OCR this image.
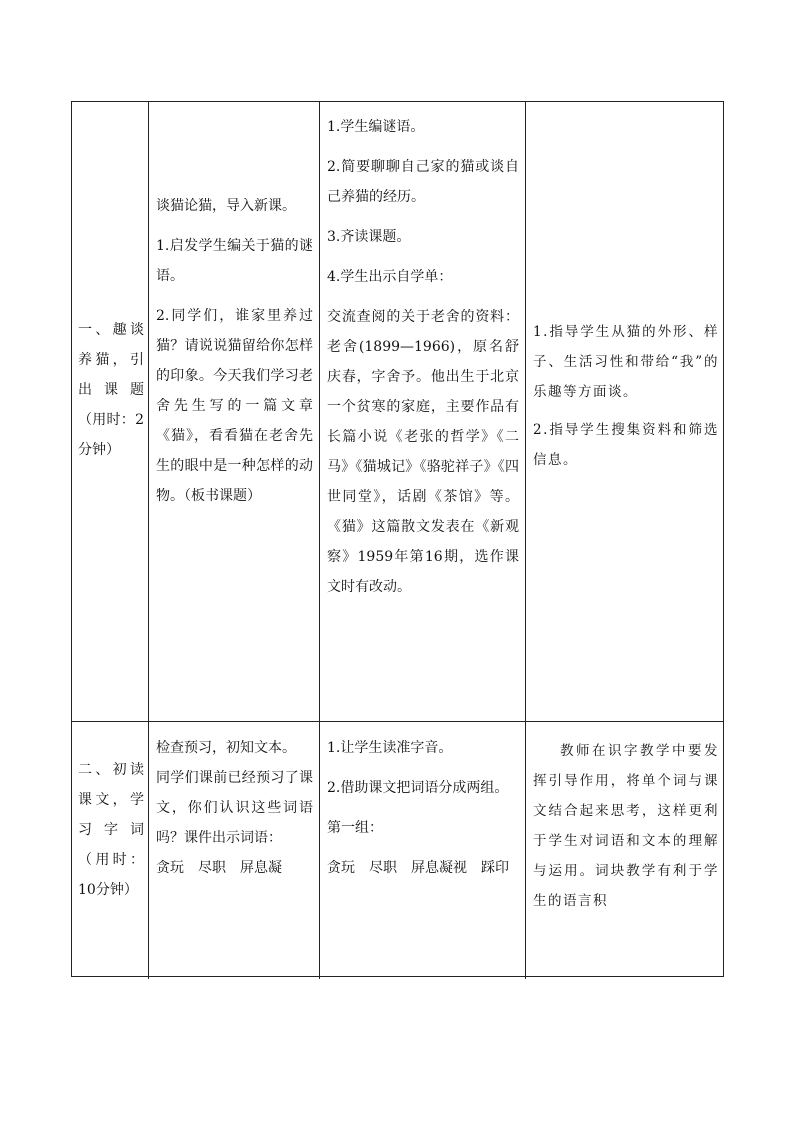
一、趣谈养猫，引出课题（用时：2分钟）

谈猫论猫，导入新课。

1.启发学生编关于猫的谜语。

2.同学们，谁家里养过猫？请说说猫留给你怎样的印象。今天我们学习老舍先生写的一篇文章《猫》，看看猫在老舍先生的眼中是一种怎样的动物。（板书课题）

1.学生编谜语。

2.简要聊聊自己家的猫或谈自己养猫的经历。

3.齐读课题。

4.学生出示自学单：

交流查阅的关于老舍的资料：老舍(1899—1966)，原名舒庆春，字舍予。他出生于北京一个贫寒的家庭，主要作品有长篇小说《老张的哲学》《二马》《猫城记》《骆驼祥子》《四世同堂》，话剧《茶馆》等。《猫》这篇散文发表在《新观察》1959年第16期，选作课文时有改动。

1.指导学生从猫的外形、样子、生活习性和带给“我”的乐趣等方面谈。

2.指导学生搜集资料和筛选信息。

二、初读课文，学习字词（用时：10分钟）

检查预习，初知文本。

同学们课前已经预习了课文，你们认识这些词语吗？课件出示词语：

贪玩　尽职　屏息凝

1.让学生读准字音。

2.借助课文把词语分成两组。

第一组：

贪玩　尽职　屏息凝视　踩印

教师在识字教学中要发挥引导作用，将单个词与课文结合起来思考，这样更利于学生对词语和文本的理解与运用。词块教学有利于学生的语言积
